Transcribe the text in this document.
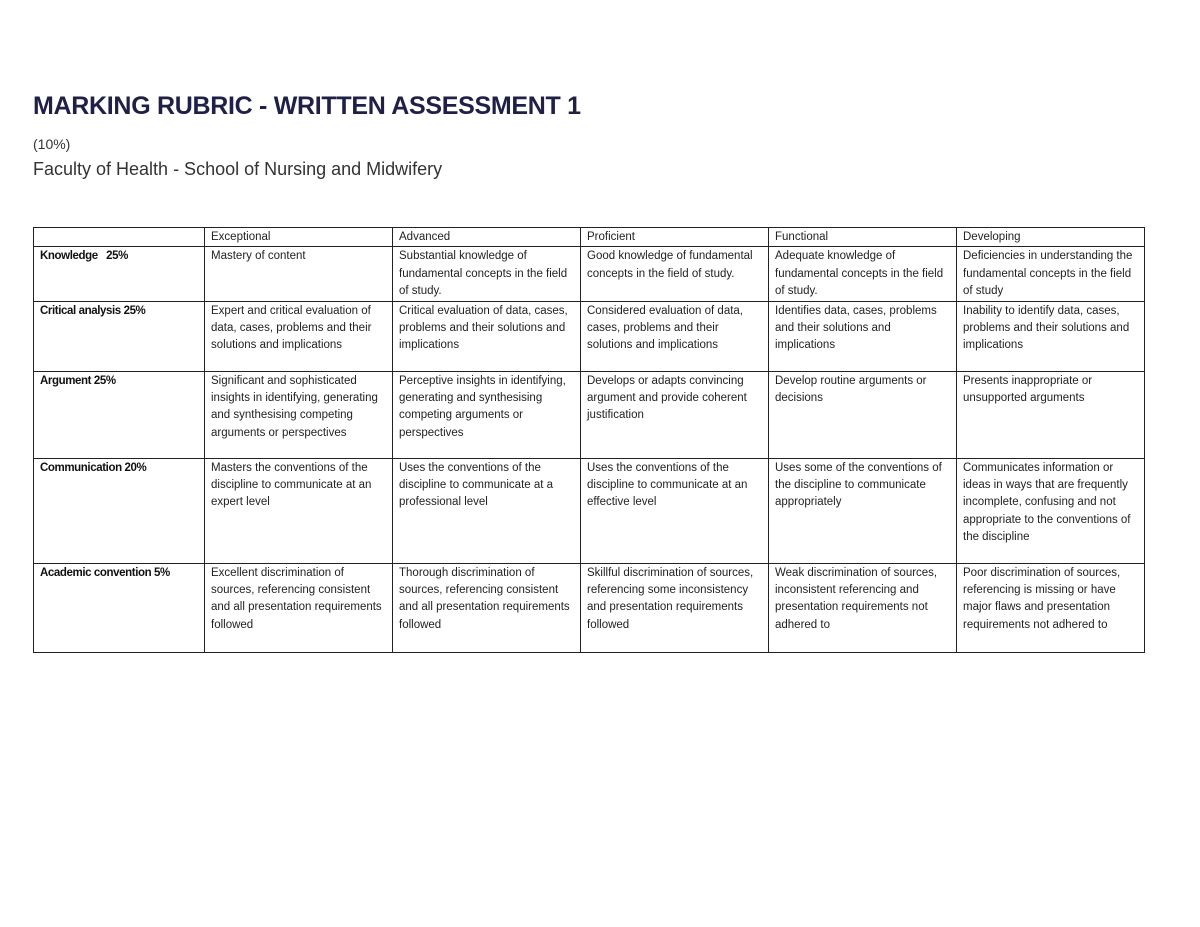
MARKING RUBRIC - WRITTEN ASSESSMENT 1
(10%)
Faculty of Health - School of Nursing and Midwifery
	Exceptional	Advanced	Proficient	Functional	Developing
Knowledge   25%	Mastery of content	Substantial knowledge of fundamental concepts in the field of study.	Good knowledge of fundamental concepts in the field of study.	Adequate knowledge of fundamental concepts in the field of study.	Deficiencies in understanding the fundamental concepts in the field of study
Critical analysis 25%	Expert and critical evaluation of data, cases, problems and their solutions and implications	Critical evaluation of data, cases, problems and their solutions and implications	Considered evaluation of data, cases, problems and their solutions and implications	Identifies data, cases, problems and their solutions and implications	Inability to identify data, cases, problems and their solutions and implications
Argument 25%	Significant and sophisticated insights in identifying, generating and synthesising competing arguments or perspectives	Perceptive insights in identifying, generating and synthesising competing arguments or perspectives	Develops or adapts convincing argument and provide coherent justification	Develop routine arguments or decisions	Presents inappropriate or unsupported arguments
Communication 20%	Masters the conventions of the discipline to communicate at an expert level	Uses the conventions of the discipline to communicate at a professional level	Uses the conventions of the discipline to communicate at an effective level	Uses some of the conventions of the discipline to communicate appropriately	Communicates information or ideas in ways that are frequently incomplete, confusing and not appropriate to the conventions of the discipline
Academic convention 5%	Excellent discrimination of sources, referencing consistent and all presentation requirements followed	Thorough discrimination of sources, referencing consistent and all presentation requirements followed	Skillful discrimination of sources, referencing some inconsistency and presentation requirements followed	Weak discrimination of sources, inconsistent referencing and presentation requirements not adhered to	Poor discrimination of sources, referencing is missing or have major flaws and presentation requirements not adhered to
